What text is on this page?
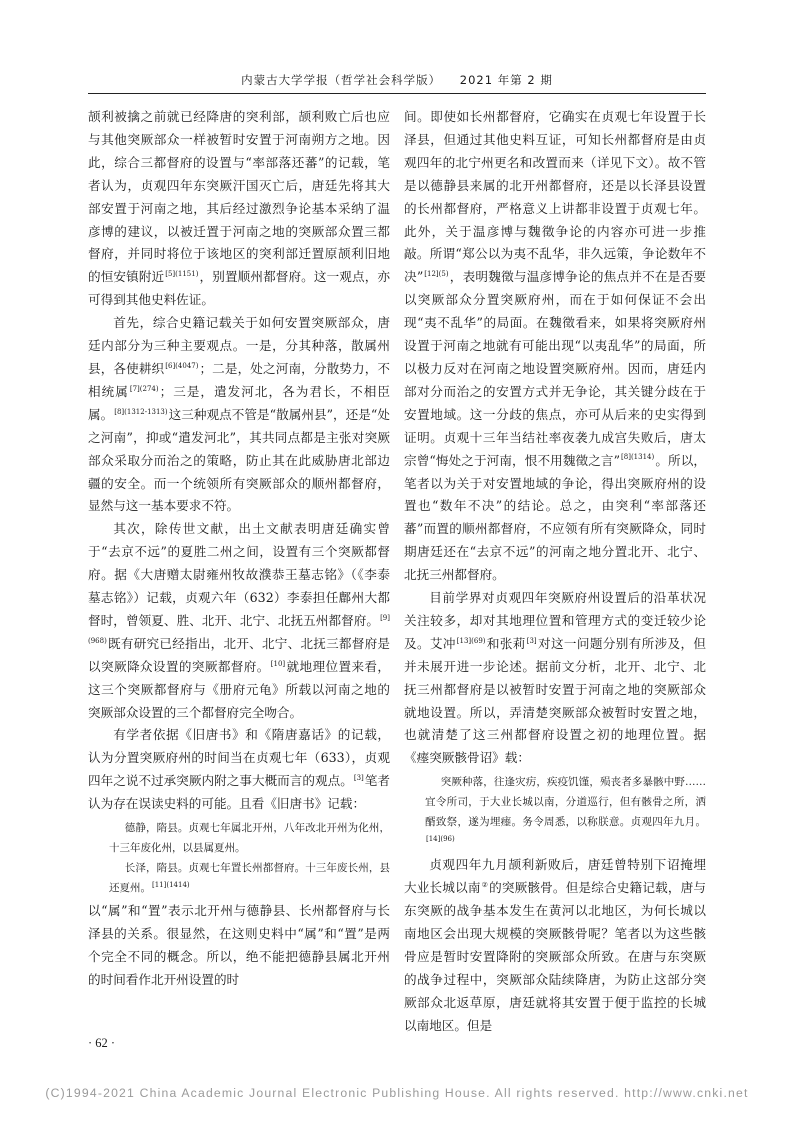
内蒙古大学学报（哲学社会科学版） 2021 年第 2 期

颉利被擒之前就已经降唐的突利部，颉利败亡后也应与其他突厥部众一样被暂时安置于河南朔方之地。因此，综合三都督府的设置与“率部落还蕃”的记载，笔者认为，贞观四年东突厥汗国灭亡后，唐廷先将其大部安置于河南之地，其后经过激烈争论基本采纳了温彦博的建议，以被迁置于河南之地的突厥部众置三都督府，并同时将位于该地区的突利部迁置原颉利旧地的恒安镇附近$^{[5](1151)}$，别置顺州都督府。这一观点，亦可得到其他史料佐证。

首先，综合史籍记载关于如何安置突厥部众，唐廷内部分为三种主要观点。一是，分其种落，散属州县，各使耕织$^{[6](4047)}$；二是，处之河南，分散势力，不相统属$^{[7](274)}$；三是，遣发河北，各为君长，不相臣属。$^{[8](1312-1313)}$这三种观点不管是“散属州县”，还是“处之河南”，抑或“遣发河北”，其共同点都是主张对突厥部众采取分而治之的策略，防止其在此威胁唐北部边疆的安全。而一个统领所有突厥部众的顺州都督府，显然与这一基本要求不符。

其次，除传世文献，出土文献表明唐廷确实曾于“去京不远”的夏胜二州之间，设置有三个突厥都督府。据《大唐赠太尉雍州牧故濮恭王墓志铭》（《李泰墓志铭》）记载，贞观六年（632）李泰担任鄜州大都督时，曾领夏、胜、北开、北宁、北抚五州都督府。$^{[9](968)}$既有研究已经指出，北开、北宁、北抚三都督府是以突厥降众设置的突厥都督府。[10]就地理位置来看，这三个突厥都督府与《册府元龟》所载以河南之地的突厥部众设置的三个都督府完全吻合。

有学者依据《旧唐书》和《隋唐嘉话》的记载，认为分置突厥府州的时间当在贞观七年（633），贞观四年之说不过承突厥内附之事大概而言的观点。[3]笔者认为存在误读史料的可能。且看《旧唐书》记载：

德静，隋县。贞观七年属北开州，八年改北开州为化州，十三年废化州，以县属夏州。
长泽，隋县。贞观七年置长州都督府。十三年废长州，县还夏州。$^{[11](1414)}$

以“属”和“置”表示北开州与德静县、长州都督府与长泽县的关系。很显然，在这则史料中“属”和“置”是两个完全不同的概念。所以，绝不能把德静县属北开州的时间看作北开州设置的时

间。即使如长州都督府，它确实在贞观七年设置于长泽县，但通过其他史料互证，可知长州都督府是由贞观四年的北宁州更名和改置而来（详见下文）。故不管是以德静县来属的北开州都督府，还是以长泽县设置的长州都督府，严格意义上讲都非设置于贞观七年。此外，关于温彦博与魏徵争论的内容亦可进一步推敲。所谓“郑公以为夷不乱华，非久远策，争论数年不决”$^{[12](5)}$，表明魏徵与温彦博争论的焦点并不在是否要以突厥部众分置突厥府州，而在于如何保证不会出现“夷不乱华”的局面。在魏徵看来，如果将突厥府州设置于河南之地就有可能出现“以夷乱华”的局面，所以极力反对在河南之地设置突厥府州。因而，唐廷内部对分而治之的安置方式并无争论，其关键分歧在于安置地域。这一分歧的焦点，亦可从后来的史实得到证明。贞观十三年当结社率夜袭九成宫失败后，唐太宗曾“悔处之于河南，恨不用魏徵之言”$^{[8](1314)}$。所以，笔者以为关于对安置地域的争论，得出突厥府州的设置也“数年不决”的结论。总之，由突利“率部落还蕃”而置的顺州都督府，不应领有所有突厥降众，同时期唐廷还在“去京不远”的河南之地分置北开、北宁、北抚三州都督府。

目前学界对贞观四年突厥府州设置后的沿革状况关注较多，却对其地理位置和管理方式的变迁较少论及。艾冲$^{[13](69)}$和张莉[3]对这一问题分别有所涉及，但并未展开进一步论述。据前文分析，北开、北宁、北抚三州都督府是以被暂时安置于河南之地的突厥部众就地设置。所以，弄清楚突厥部众被暂时安置之地，也就清楚了这三州都督府设置之初的地理位置。据《瘗突厥骸骨诏》载：

突厥种落，往逢灾疠，疾疫饥馑，殒丧者多暴骸中野……宜令所司，于大业长城以南，分道巡行，但有骸骨之所，洒醑致祭，遂为埋瘗。务令周悉，以称朕意。贞观四年九月。$^{[14](96)}$

贞观四年九月颉利新败后，唐廷曾特别下诏掩埋大业长城以南②的突厥骸骨。但是综合史籍记载，唐与东突厥的战争基本发生在黄河以北地区，为何长城以南地区会出现大规模的突厥骸骨呢？笔者以为这些骸骨应是暂时安置降附的突厥部众所致。在唐与东突厥的战争过程中，突厥部众陆续降唐，为防止这部分突厥部众北返草原，唐廷就将其安置于便于监控的长城以南地区。但是

· 62 ·
(C)1994-2021 China Academic Journal Electronic Publishing House. All rights reserved. http://www.cnki.net
